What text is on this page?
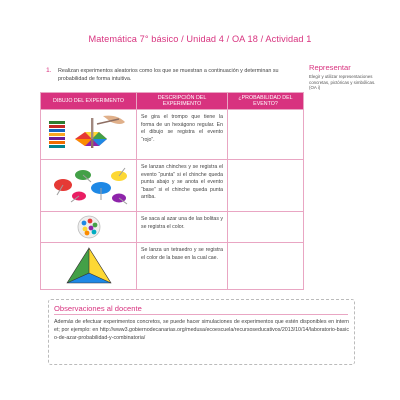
Matemática 7° básico / Unidad 4 / OA 18 / Actividad 1
1. Realizan experimentos aleatorios como los que se muestran a continuación y determinan su probabilidad de forma intuitiva.
Representar
Elegir y utilizar representaciones concretas, pictóricas y simbólicas. (OA i)
DIBUJO DEL EXPERIMENTO	DESCRIPCIÓN DEL EXPERIMENTO	¿PROBABILIDAD DEL EVENTO?

	Se gira el trompo que tiene la forma de un hexágono regular. En el dibujo se registra el evento “rojo”.	

	Se lanzan chinches y se registra el evento “punta” si el chinche queda punta abajo y se anota el evento “base” si el chinche queda punta arriba.	

	Se saca al azar una de las bolitas y se registra el color.	

	Se lanza un tetraedro y se registra el color de la base en la cual cae.	
Observaciones al docente
Además de efectuar experimentos concretos, se puede hacer simulaciones de experimentos que estén disponibles en internet; por ejemplo: en http://www3.gobiernodecanarias.org/medusa/ecoescuela/recursoseducativos/2013/10/14/laboratorio-basico-de-azar-probabilidad-y-combinatoria/
